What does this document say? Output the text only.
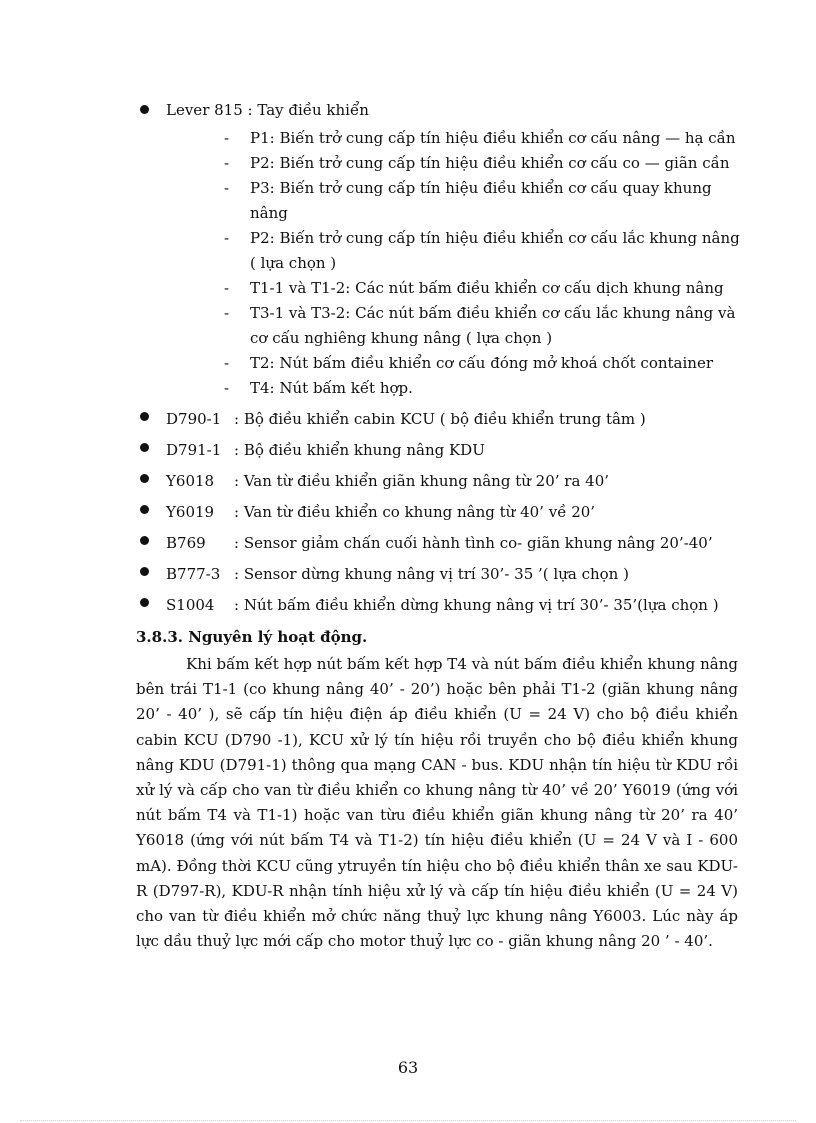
Lever 815 : Tay điều khiển
- P1: Biến trở cung cấp tín hiệu điều khiển cơ cấu nâng — hạ cần
- P2: Biến trở cung cấp tín hiệu điều khiển cơ cấu co — giãn cần
- P3: Biến trở cung cấp tín hiệu điều khiển cơ cấu quay khung nâng
- P2: Biến trở cung cấp tín hiệu điều khiển cơ cấu lắc khung nâng ( lựa chọn )
- T1-1 và T1-2: Các nút bấm điều khiển cơ cấu dịch khung nâng
- T3-1 và T3-2: Các nút bấm điều khiển cơ cấu lắc khung nâng và cơ cấu nghiêng khung nâng ( lựa chọn )
- T2: Nút bấm điều khiển cơ cấu đóng mở khoá chốt container
- T4: Nút bấm kết hợp.
D790-1 : Bộ điều khiển cabin KCU ( bộ điều khiển trung tâm )
D791-1 : Bộ điều khiển khung nâng KDU
Y6018	: Van từ điều khiển giãn khung nâng từ 20’ ra 40’
Y6019	: Van từ điều khiển co khung nâng từ 40’ về 20’
B769	: Sensor giảm chấn cuối hành tình co- giãn khung nâng 20’-40’
B777-3 : Sensor dừng khung nâng vị trí 30’- 35 ’( lựa chọn )
S1004	: Nút bấm điều khiển dừng khung nâng vị trí 30’- 35’(lựa chọn )
3.8.3. Nguyên lý hoạt động.

Khi bấm kết hợp nút bấm kết hợp T4 và nút bấm điều khiển khung nâng bên trái T1-1 (co khung nâng 40’ - 20’) hoặc bên phải T1-2 (giãn khung nâng 20’ - 40’ ), sẽ cấp tín hiệu điện áp điều khiển (U = 24 V) cho bộ điều khiển cabin KCU (D790 -1), KCU xử lý tín hiệu rồi truyền cho bộ điều khiển khung nâng KDU (D791-1) thông qua mạng CAN - bus. KDU nhận tín hiệu từ KDU rồi xử lý và cấp cho van từ điều khiển co khung nâng từ 40’ về 20’ Y6019 (ứng với nút bấm T4 và T1-1) hoặc van từu điều khiển giãn khung nâng từ 20’ ra 40’ Y6018 (ứng với nút bấm T4 và T1-2) tín hiệu điều khiển (U = 24 V và I - 600 mA). Đồng thời KCU cũng ytruyền tín hiệu cho bộ điều khiển thân xe sau KDU-R (D797-R), KDU-R nhận tính hiệu xử lý và cấp tín hiệu điều khiển (U = 24 V) cho van từ điều khiển mở chức năng thuỷ lực khung nâng Y6003. Lúc này áp lực dầu thuỷ lực mới cấp cho motor thuỷ lực co - giãn khung nâng 20 ’ - 40’.

63
